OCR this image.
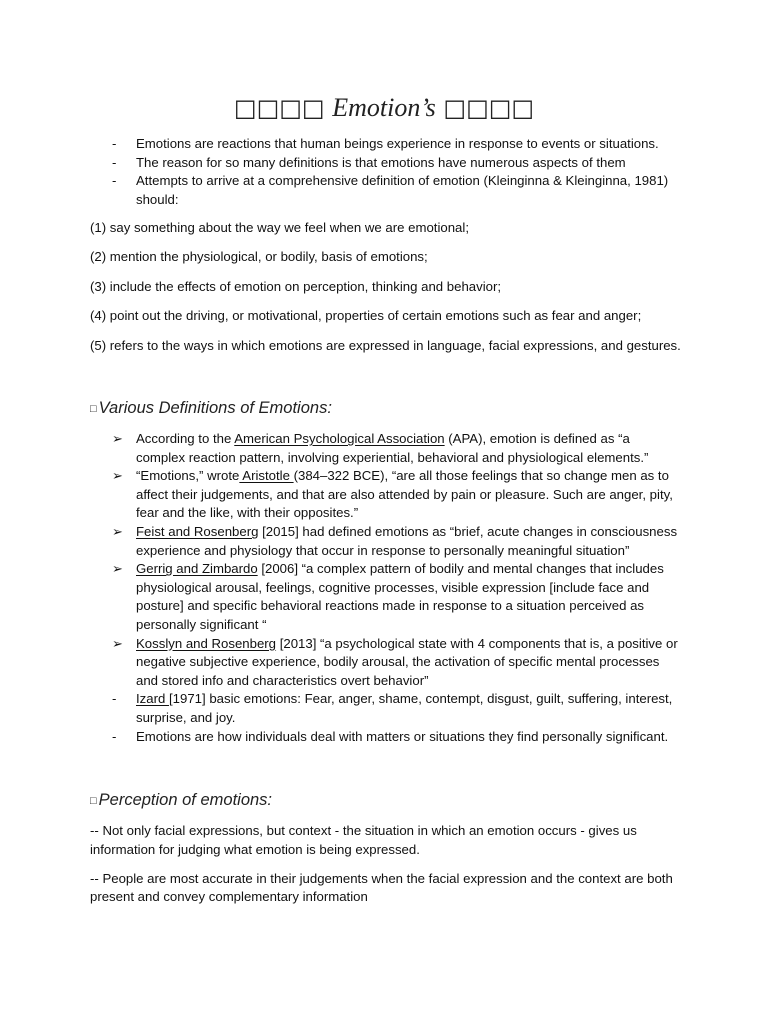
□□□□ Emotion’s □□□□
-	Emotions are reactions that human beings experience in response to events or situations.
-	The reason for so many definitions is that emotions have numerous aspects of them
-	Attempts to arrive at a comprehensive definition of emotion (Kleinginna & Kleinginna, 1981) should:

(1) say something about the way we feel when we are emotional;

(2) mention the physiological, or bodily, basis of emotions;

(3) include the effects of emotion on perception, thinking and behavior;

(4) point out the driving, or motivational, properties of certain emotions such as fear and anger;

(5) refers to the ways in which emotions are expressed in language, facial expressions, and gestures.

□ Various Definitions of Emotions:
➢ According to the American Psychological Association (APA), emotion is defined as “a complex reaction pattern, involving experiential, behavioral and physiological elements.”
➢ “Emotions,” wrote Aristotle (384–322 BCE), “are all those feelings that so change men as to affect their judgements, and that are also attended by pain or pleasure. Such are anger, pity, fear and the like, with their opposites.”
➢ Feist and Rosenberg [2015] had defined emotions as “brief, acute changes in consciousness experience and physiology that occur in response to personally meaningful situation”
➢ Gerrig and Zimbardo [2006] “a complex pattern of bodily and mental changes that includes physiological arousal, feelings, cognitive processes, visible expression [include face and posture] and specific behavioral reactions made in response to a situation perceived as personally significant “
➢ Kosslyn and Rosenberg [2013] “a psychological state with 4 components that is, a positive or negative subjective experience, bodily arousal, the activation of specific mental processes and stored info and characteristics overt behavior”
-	Izard [1971] basic emotions: Fear, anger, shame, contempt, disgust, guilt, suffering, interest, surprise, and joy.
-	Emotions are how individuals deal with matters or situations they find personally significant.
□ Perception of emotions:

-- Not only facial expressions, but context - the situation in which an emotion occurs - gives us information for judging what emotion is being expressed.

-- People are most accurate in their judgements when the facial expression and the context are both present and convey complementary information
